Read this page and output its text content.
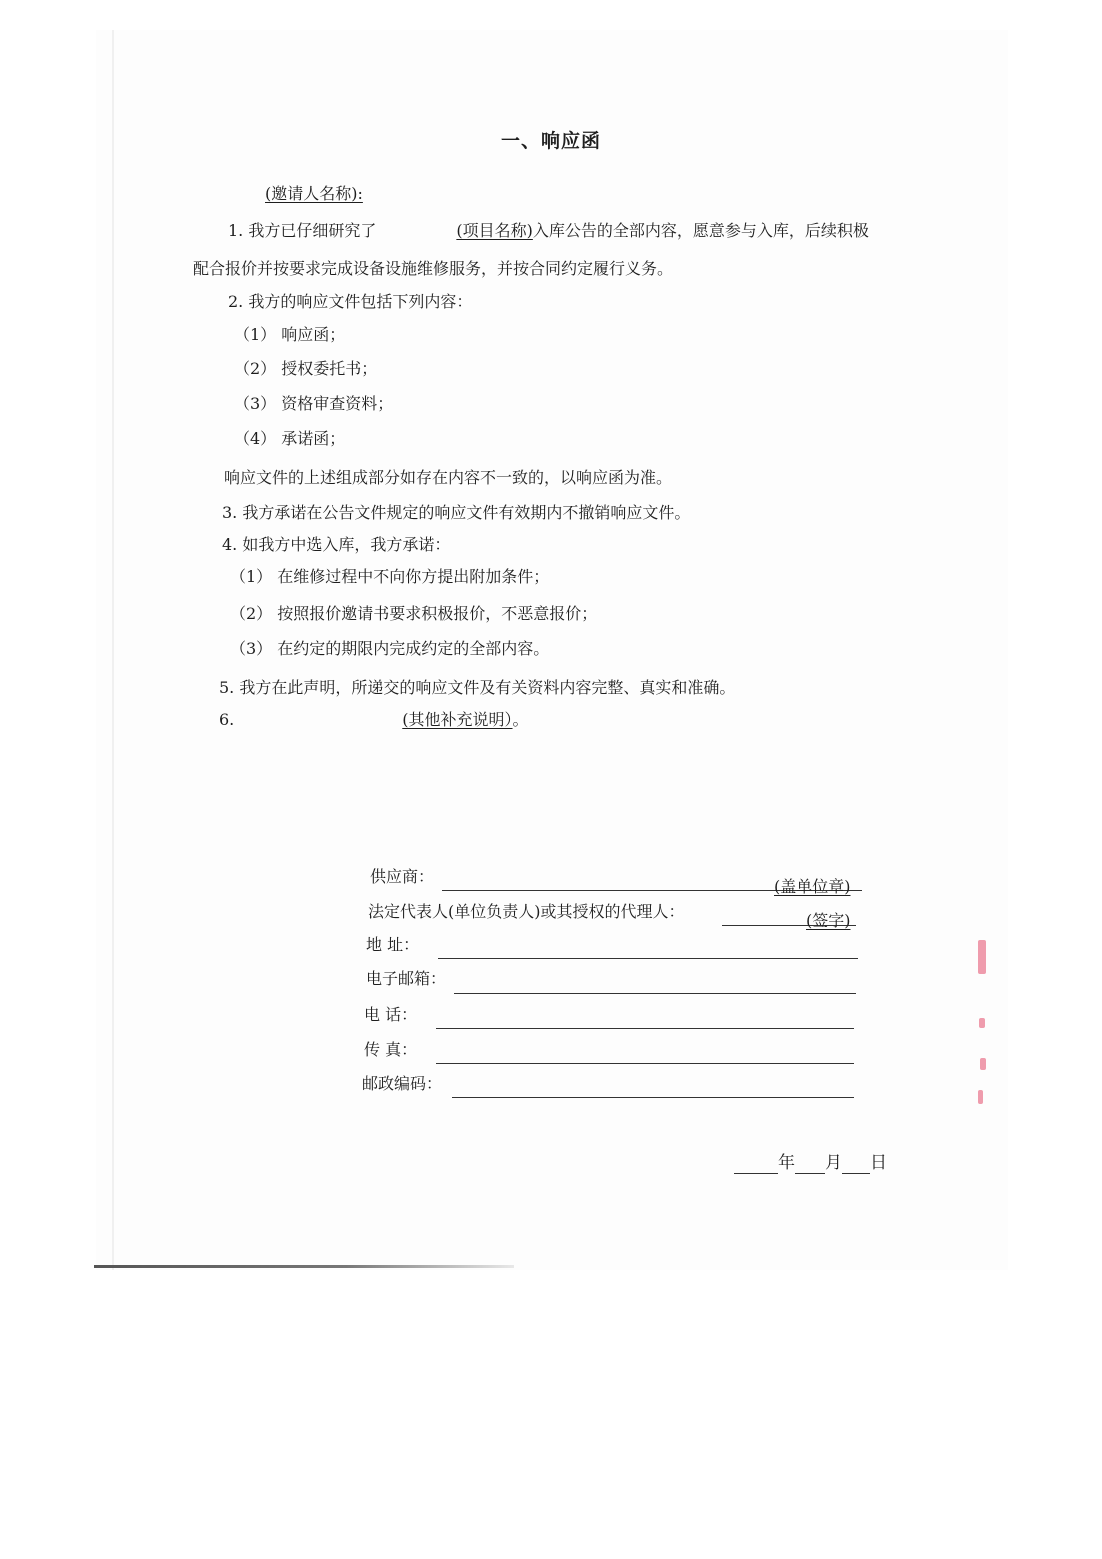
一、响应函
(邀请人名称):
1. 我方已仔细研究了	(项目名称)入库公告的全部内容，愿意参与入库，后续积极
配合报价并按要求完成设备设施维修服务，并按合同约定履行义务。
2. 我方的响应文件包括下列内容：
（1） 响应函；
（2） 授权委托书；
（3） 资格审查资料；
（4） 承诺函；
响应文件的上述组成部分如存在内容不一致的，以响应函为准。
3. 我方承诺在公告文件规定的响应文件有效期内不撤销响应文件。
4. 如我方中选入库，我方承诺：
（1） 在维修过程中不向你方提出附加条件；
（2） 按照报价邀请书要求积极报价，不恶意报价；
（3） 在约定的期限内完成约定的全部内容。
5. 我方在此声明，所递交的响应文件及有关资料内容完整、真实和准确。
6.	(其他补充说明）。
供应商：
(盖单位章)
法定代表人(单位负责人)或其授权的代理人：	(签字)
地 址：
电子邮箱：
电 话：
传 真：
邮政编码：
年 月 日
